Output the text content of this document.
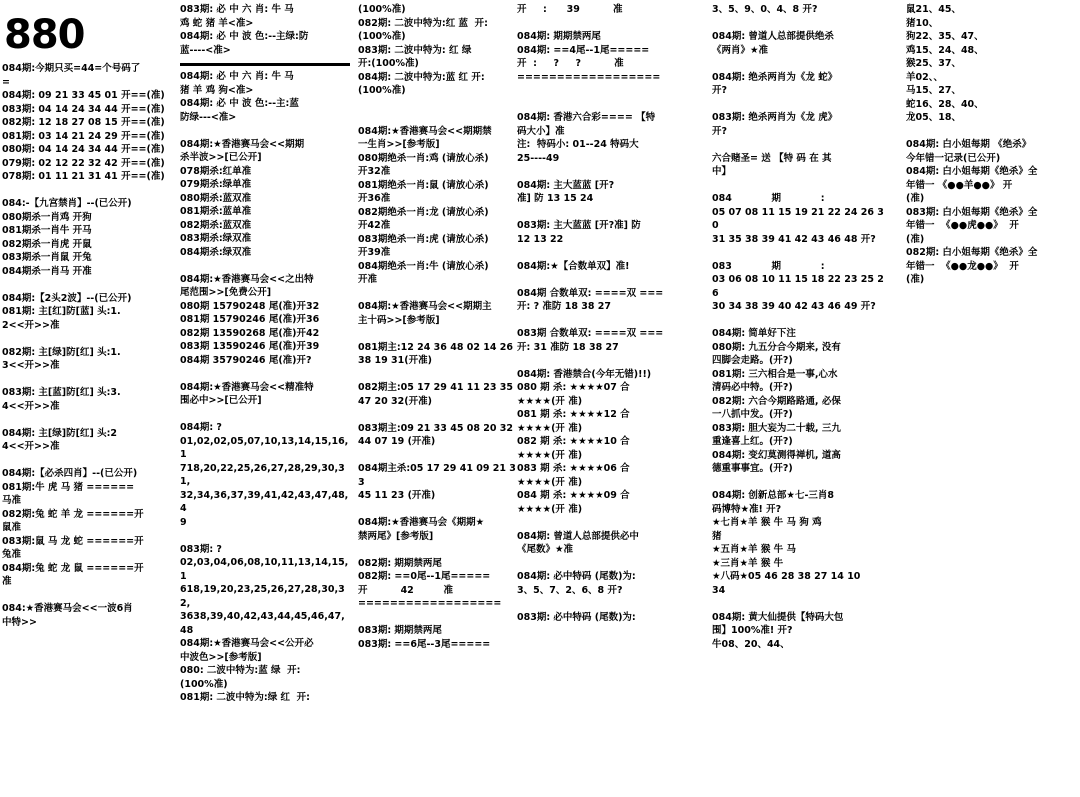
880
084期:今期只买=44=个号码了
=
084期: 09 21 33 45 01 开==(准)
083期: 04 14 24 34 44 开==(准)
082期: 12 18 27 08 15 开==(准)
081期: 03 14 21 24 29 开==(准)
080期: 04 14 24 34 44 开==(准)
079期: 02 12 22 32 42 开==(准)
078期: 01 11 21 31 41 开==(准)

084:-【九宫禁肖】--(已公开)
080期杀一肖鸡 开狗
081期杀一肖牛 开马
082期杀一肖虎 开鼠
083期杀一肖鼠 开兔
084期杀一肖马 开准

084期:【2头2波】--(已公开)
081期: 主[红]防[蓝] 头:1.
2<<开>>准

082期: 主[绿]防[红] 头:1.
3<<开>>准

083期: 主[蓝]防[红] 头:3.
4<<开>>准

084期: 主[绿]防[红] 头:2
4<<开>>准

084期:【必杀四肖】--(已公开)
081期:牛 虎 马 猪 ======
马准
082期:兔 蛇 羊 龙 ======开
鼠准
083期:鼠 马 龙 蛇 ======开
兔准
084期:兔 蛇 龙 鼠 ======开
准

084:★香港赛马会<<一波6肖
中特>>
083期: 必 中 六 肖: 牛 马
鸡 蛇 猪 羊<准>
084期: 必 中 波 色:--主绿:防
蓝----<准>
084期: 必 中 六 肖: 牛 马
猪 羊 鸡 狗<准>
084期: 必 中 波 色:--主:蓝
防绿---<准>

084期:★香港赛马会<<期期
杀半波>>[已公开]
078期杀:红单准
079期杀:绿单准
080期杀:蓝双准
081期杀:蓝单准
082期杀:蓝双准
083期杀:绿双准
084期杀:绿双准

084期:★香港赛马会<<之出特
尾范围>>[免费公开]
080期 15790248 尾(准)开32
081期 15790246 尾(准)开36
082期 13590268 尾(准)开42
083期 13590246 尾(准)开39
084期 35790246 尾(准)开?

084期:★香港赛马会<<精准特
围必中>>[已公开]

084期: ?
01,02,02,05,07,10,13,14,15,16,1
718,20,22,25,26,27,28,29,30,31,
32,34,36,37,39,41,42,43,47,48,4
9

083期: ?
02,03,04,06,08,10,11,13,14,15,1
618,19,20,23,25,26,27,28,30,32,
3638,39,40,42,43,44,45,46,47,48
084期:★香港赛马会<<公开必
中波色>>[参考版]
080: 二波中特为:蓝 绿  开:
(100%准)
081期: 二波中特为:绿 红  开:
(100%准)
082期: 二波中特为:红 蓝  开:
(100%准)
083期: 二波中特为: 红 绿
开:(100%准)
084期: 二波中特为:蓝 红 开:
(100%准)

084期:★香港赛马会<<期期禁
一生肖>>[参考版]
080期绝杀一肖:鸡 (请放心杀)
开32准
081期绝杀一肖:鼠 (请放心杀)
开36准
082期绝杀一肖:龙 (请放心杀)
开42准
083期绝杀一肖:虎 (请放心杀)
开39准
084期绝杀一肖:牛 (请放心杀)
开准

084期:★香港赛马会<<期期主
主十码>>[参考版]

081期主:12 24 36 48 02 14 26
38 19 31(开准)

082期主:05 17 29 41 11 23 35
47 20 32(开准)

083期主:09 21 33 45 08 20 32
44 07 19 (开准)

084期主杀:05 17 29 41 09 21 33
45 11 23 (开准)

084期:★香港赛马会《期期★
禁两尾》[参考版]

082期: 期期禁两尾
082期: ==0尾--1尾=====
开          42         准
==================

083期: 期期禁两尾
083期: ==6尾--3尾=====
开     :      39          准

084期: 期期禁两尾
084期: ==4尾--1尾=====
开  :     ?     ?          准
==================

084期: 香港六合彩==== 【特
码大小】准
注:  特码小: 01--24 特码大
25----49

084期: 主大蓝蓝 [开?
准] 防 13 15 24

083期: 主大蓝蓝 [开?准] 防
12 13 22

084期:★【合数单双】准!

084期 合数单双: ====双 ===
开: ? 准防 18 38 27

083期 合数单双: ====双 ===
开: 31 准防 18 38 27

084期: 香港禁合(今年无错)!!)
080 期 杀: ★★★★07 合
★★★★(开 准)
081 期 杀: ★★★★12 合
★★★★(开 准)
082 期 杀: ★★★★10 合
★★★★(开 准)
083 期 杀: ★★★★06 合
★★★★(开 准)
084 期 杀: ★★★★09 合
★★★★(开 准)

084期: 曾道人总部提供必中
《尾数》★准

084期: 必中特码 (尾数)为:
3、5、7、2、6、8 开?

083期: 必中特码 (尾数)为:
3、5、9、0、4、8 开?

084期: 曾道人总部提供绝杀
《两肖》★准

084期: 绝杀两肖为《龙 蛇》
开?

083期: 绝杀两肖为《龙 虎》
开?

六合赌圣= 送 【特 码 在 其
中】

084            期            :
05 07 08 11 15 19 21 22 24 26 30
31 35 38 39 41 42 43 46 48 开?

083            期            :
03 06 08 10 11 15 18 22 23 25 26
30 34 38 39 40 42 43 46 49 开?

084期: 简单好下注
080期: 九五分合今期来, 没有
四脚会走路。(开?)
081期: 三六相合是一事,心水
清码必中特。(开?)
082期: 六合今期路路通, 必保
一八抓中发。(开?)
083期: 胆大妄为二十载, 三九
重逢喜上红。(开?)
084期: 变幻莫测得禅机, 道高
德重事事宜。(开?)

084期: 创新总部★七-三肖8
码博特★准! 开?
★七肖★羊 猴 牛 马 狗 鸡
猪
★五肖★羊 猴 牛 马
★三肖★羊 猴 牛
★八码★05 46 28 38 27 14 10
34

084期: 黄大仙提供【特码大包
围】100%准! 开?
牛08、20、44、
鼠21、45、
猪10、
狗22、35、47、
鸡15、24、48、
猴25、37、
羊02、、
马15、27、
蛇16、28、40、
龙05、18、

084期: 白小姐每期 《绝杀》
今年错一记录(已公开)
084期: 白小姐每期《绝杀》全
年错一 《●●羊●●》 开
(准)
083期: 白小姐每期《绝杀》全
年错一  《●●虎●●》  开
(准)
082期: 白小姐每期《绝杀》全
年错一  《●●龙●●》  开
(准)
